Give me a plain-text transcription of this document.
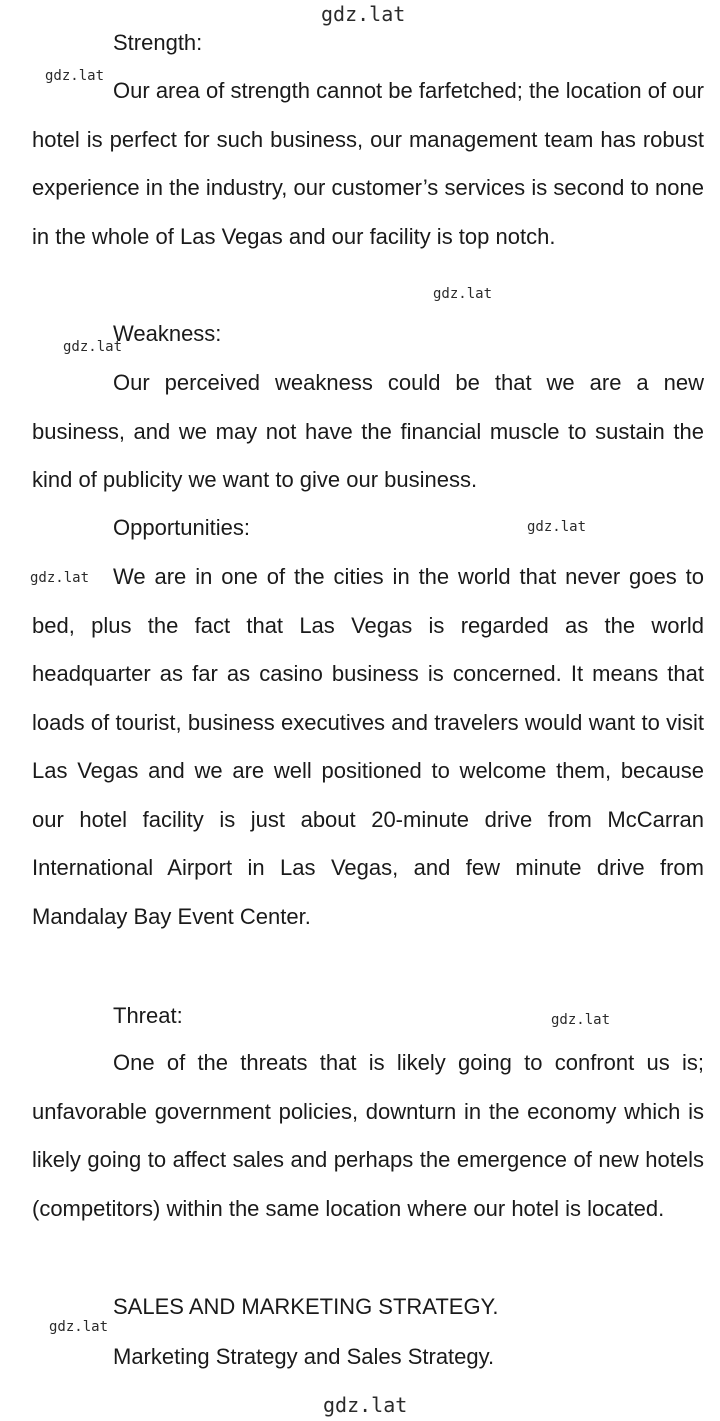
gdz.lat
gdz.lat
gdz.lat
gdz.lat
gdz.lat
gdz.lat
gdz.lat
gdz.lat
gdz.lat
Strength:

Our area of strength cannot be farfetched; the location of our hotel is perfect for such business, our management team has robust experience in the industry, our customer’s services is second to none in the whole of Las Vegas and our facility is top notch.

Weakness:

Our perceived weakness could be that we are a new business, and we may not have the financial muscle to sustain the kind of publicity we want to give our business.

Opportunities:

We are in one of the cities in the world that never goes to bed, plus the fact that Las Vegas is regarded as the world headquarter as far as casino business is concerned. It means that loads of tourist, business executives and travelers would want to visit Las Vegas and we are well positioned to welcome them, because our hotel facility is just about 20-minute drive from McCarran International Airport in Las Vegas, and few minute drive from Mandalay Bay Event Center.

Threat:

One of the threats that is likely going to confront us is; unfavorable government policies, downturn in the economy which is likely going to affect sales and perhaps the emergence of new hotels (competitors) within the same location where our hotel is located.

SALES AND MARKETING STRATEGY.
Marketing Strategy and Sales Strategy.
